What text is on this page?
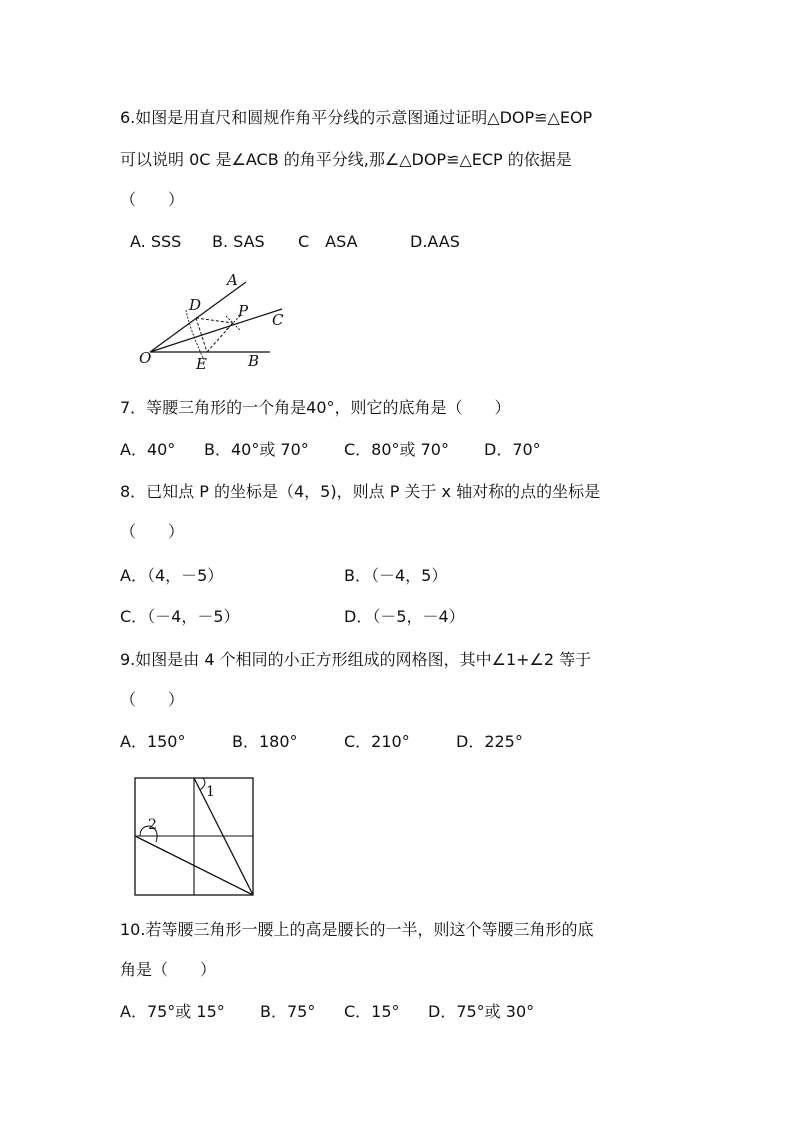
6.如图是用直尺和圆规作角平分线的示意图通过证明△DOP≌△EOP
可以说明 0C 是∠ACB 的角平分线,那∠△DOP≌△ECP 的依据是
（　　）
A. SSS B. SAS C　ASA	D.AAS
A
D P C
O	E	B
7．等腰三角形的一个角是40°，则它的底角是（　　）
A．40° B．40°或 70° C．80°或 70° D．70°
8．已知点 P 的坐标是（4，5)，则点 P 关于 x 轴对称的点的坐标是
（　　）
A．（4，－5）	B．（－4，5）
C．（－4，－5）	D．（－5，－4）
9.如图是由 4 个相同的小正方形组成的网格图，其中∠1+∠2 等于
（　　）
A．150°	B．180°	C．210°	D．225°
1
2
10.若等腰三角形一腰上的高是腰长的一半，则这个等腰三角形的底
角是（　　）
A．75°或 15° B．75° C．15° D．75°或 30°
